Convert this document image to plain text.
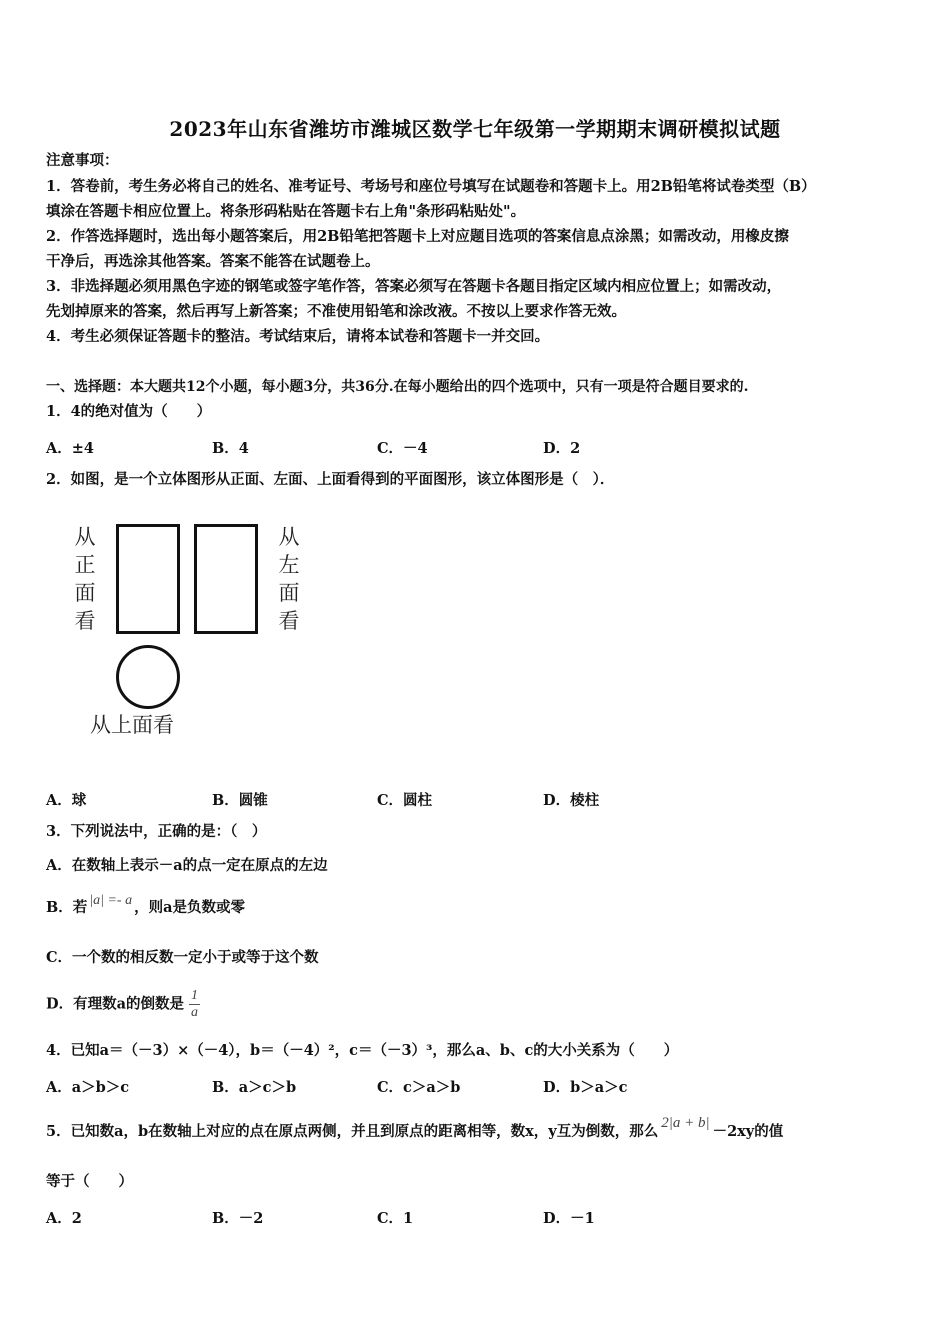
2023年山东省潍坊市潍城区数学七年级第一学期期末调研模拟试题
注意事项：
1．答卷前，考生务必将自己的姓名、准考证号、考场号和座位号填写在试题卷和答题卡上。用2B铅笔将试卷类型（B）
填涂在答题卡相应位置上。将条形码粘贴在答题卡右上角"条形码粘贴处"。
2．作答选择题时，选出每小题答案后，用2B铅笔把答题卡上对应题目选项的答案信息点涂黑；如需改动，用橡皮擦
干净后，再选涂其他答案。答案不能答在试题卷上。
3．非选择题必须用黑色字迹的钢笔或签字笔作答，答案必须写在答题卡各题目指定区域内相应位置上；如需改动，
先划掉原来的答案，然后再写上新答案；不准使用铅笔和涂改液。不按以上要求作答无效。
4．考生必须保证答题卡的整洁。考试结束后，请将本试卷和答题卡一并交回。
一、选择题：本大题共12个小题，每小题3分，共36分.在每小题给出的四个选项中，只有一项是符合题目要求的.
1．4的绝对值为（　　）
A．±4	B．4	C．－4	D．2
2．如图，是一个立体图形从正面、左面、上面看得到的平面图形，该立体图形是（　）．
从正面看
从左面看
从上面看
A．球	B．圆锥	C．圆柱	D．棱柱
3．下列说法中，正确的是：（　）
A．在数轴上表示－a的点一定在原点的左边
B．若 |a| =- a ，则a是负数或零
C．一个数的相反数一定小于或等于这个数
D．有理数a的倒数是 $\frac{1}{a}$
4．已知a＝（－3）×（－4），b＝（－4）²，c＝（－3）³，那么a、b、c的大小关系为（　　）
A．a＞b＞c	B．a＞c＞b	C．c＞a＞b	D．b＞a＞c
5．已知数a，b在数轴上对应的点在原点两侧，并且到原点的距离相等，数x，y互为倒数，那么 2|a + b| －2xy的值
等于（　　）
A．2	B．－2	C．1	D．－1
